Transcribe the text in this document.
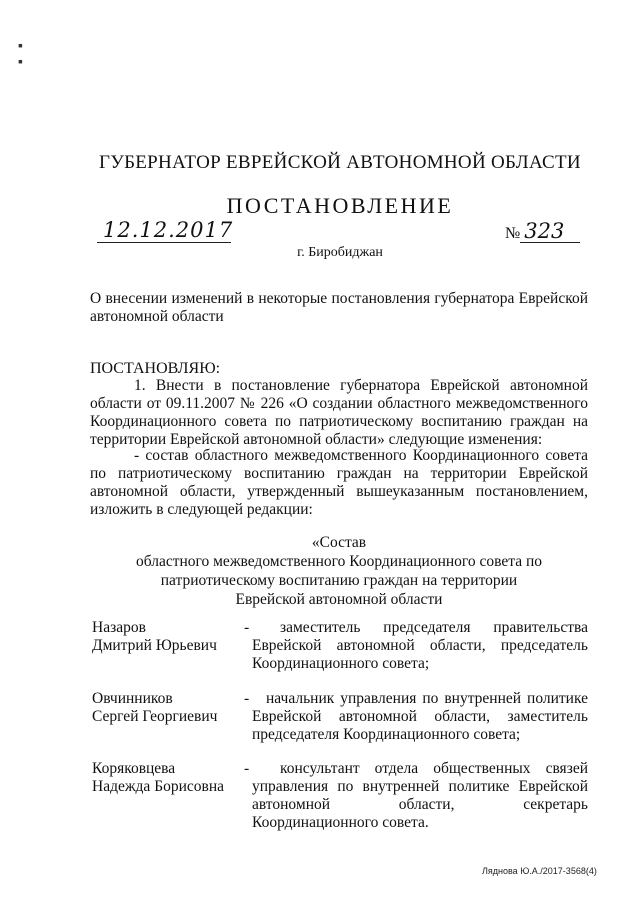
▪
▪
ГУБЕРНАТОР ЕВРЕЙСКОЙ АВТОНОМНОЙ ОБЛАСТИ
ПОСТАНОВЛЕНИЕ
12.12.2017	№ 323
г. Биробиджан
О внесении изменений в некоторые постановления губернатора Еврейской автономной области
ПОСТАНОВЛЯЮ:
1. Внести в постановление губернатора Еврейской автономной области от 09.11.2007 № 226 «О создании областного межведомственного Координационного совета по патриотическому воспитанию граждан на территории Еврейской автономной области» следующие изменения:
- состав областного межведомственного Координационного совета по патриотическому воспитанию граждан на территории Еврейской автономной области, утвержденный вышеуказанным постановлением, изложить в следующей редакции:
«Состав
областного межведомственного Координационного совета по
патриотическому воспитанию граждан на территории
Еврейской автономной области
Назаров
Дмитрий Юрьевич
-	заместитель председателя правительства Еврейской автономной области, председатель Координационного совета;
Овчинников
Сергей Георгиевич
-	начальник управления по внутренней политике Еврейской автономной области, заместитель председателя Координационного совета;
Коряковцева
Надежда Борисовна
-	консультант отдела общественных связей управления по внутренней политике Еврейской автономной области, секретарь Координационного совета.
Ляднова Ю.А./2017-3568(4)
